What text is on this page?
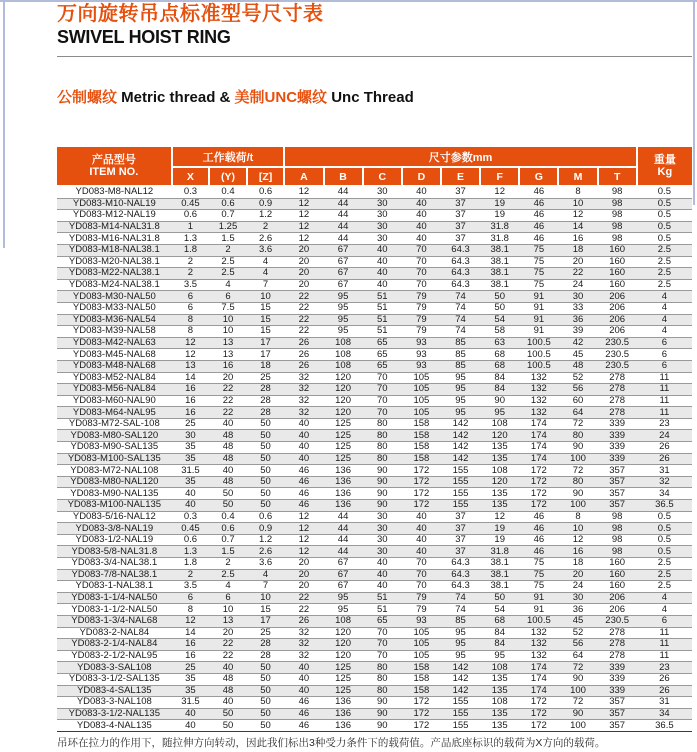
万向旋转吊点标准型号尺寸表
SWIVEL HOIST RING
公制螺纹 Metric thread & 美制UNC螺纹 Unc Thread
产品型号
ITEM NO.	工作载荷/t			尺寸参数mm									重量
Kg
	X	(Y)	[Z]	A	B	C	D	E	F	G	M	T	
YD083-M8-NAL12	0.3	0.4	0.6	12	44	30	40	37	12	46	8	98	0.5
YD083-M10-NAL19	0.45	0.6	0.9	12	44	30	40	37	19	46	10	98	0.5
YD083-M12-NAL19	0.6	0.7	1.2	12	44	30	40	37	19	46	12	98	0.5
YD083-M14-NAL31.8	1	1.25	2	12	44	30	40	37	31.8	46	14	98	0.5
YD083-M16-NAL31.8	1.3	1.5	2.6	12	44	30	40	37	31.8	46	16	98	0.5
YD083-M18-NAL38.1	1.8	2	3.6	20	67	40	70	64.3	38.1	75	18	160	2.5
YD083-M20-NAL38.1	2	2.5	4	20	67	40	70	64.3	38.1	75	20	160	2.5
YD083-M22-NAL38.1	2	2.5	4	20	67	40	70	64.3	38.1	75	22	160	2.5
YD083-M24-NAL38.1	3.5	4	7	20	67	40	70	64.3	38.1	75	24	160	2.5
YD083-M30-NAL50	6	6	10	22	95	51	79	74	50	91	30	206	4
YD083-M33-NAL50	6	7.5	15	22	95	51	79	74	50	91	33	206	4
YD083-M36-NAL54	8	10	15	22	95	51	79	74	54	91	36	206	4
YD083-M39-NAL58	8	10	15	22	95	51	79	74	58	91	39	206	4
YD083-M42-NAL63	12	13	17	26	108	65	93	85	63	100.5	42	230.5	6
YD083-M45-NAL68	12	13	17	26	108	65	93	85	68	100.5	45	230.5	6
YD083-M48-NAL68	13	16	18	26	108	65	93	85	68	100.5	48	230.5	6
YD083-M52-NAL84	14	20	25	32	120	70	105	95	84	132	52	278	11
YD083-M56-NAL84	16	22	28	32	120	70	105	95	84	132	56	278	11
YD083-M60-NAL90	16	22	28	32	120	70	105	95	90	132	60	278	11
YD083-M64-NAL95	16	22	28	32	120	70	105	95	95	132	64	278	11
YD083-M72-SAL-108	25	40	50	40	125	80	158	142	108	174	72	339	23
YD083-M80-SAL120	30	48	50	40	125	80	158	142	120	174	80	339	24
YD083-M90-SAL135	35	48	50	40	125	80	158	142	135	174	90	339	26
YD083-M100-SAL135	35	48	50	40	125	80	158	142	135	174	100	339	26
YD083-M72-NAL108	31.5	40	50	46	136	90	172	155	108	172	72	357	31
YD083-M80-NAL120	35	48	50	46	136	90	172	155	120	172	80	357	32
YD083-M90-NAL135	40	50	50	46	136	90	172	155	135	172	90	357	34
YD083-M100-NAL135	40	50	50	46	136	90	172	155	135	172	100	357	36.5
YD083-5/16-NAL12	0.3	0.4	0.6	12	44	30	40	37	12	46	8	98	0.5
YD083-3/8-NAL19	0.45	0.6	0.9	12	44	30	40	37	19	46	10	98	0.5
YD083-1/2-NAL19	0.6	0.7	1.2	12	44	30	40	37	19	46	12	98	0.5
YD083-5/8-NAL31.8	1.3	1.5	2.6	12	44	30	40	37	31.8	46	16	98	0.5
YD083-3/4-NAL38.1	1.8	2	3.6	20	67	40	70	64.3	38.1	75	18	160	2.5
YD083-7/8-NAL38.1	2	2.5	4	20	67	40	70	64.3	38.1	75	20	160	2.5
YD083-1-NAL38.1	3.5	4	7	20	67	40	70	64.3	38.1	75	24	160	2.5
YD083-1-1/4-NAL50	6	6	10	22	95	51	79	74	50	91	30	206	4
YD083-1-1/2-NAL50	8	10	15	22	95	51	79	74	54	91	36	206	4
YD083-1-3/4-NAL68	12	13	17	26	108	65	93	85	68	100.5	45	230.5	6
YD083-2-NAL84	14	20	25	32	120	70	105	95	84	132	52	278	11
YD083-2-1/4-NAL84	16	22	28	32	120	70	105	95	84	132	56	278	11
YD083-2-1/2-NAL95	16	22	28	32	120	70	105	95	95	132	64	278	11
YD083-3-SAL108	25	40	50	40	125	80	158	142	108	174	72	339	23
YD083-3-1/2-SAL135	35	48	50	40	125	80	158	142	135	174	90	339	26
YD083-4-SAL135	35	48	50	40	125	80	158	142	135	174	100	339	26
YD083-3-NAL108	31.5	40	50	46	136	90	172	155	108	172	72	357	31
YD083-3-1/2-NAL135	40	50	50	46	136	90	172	155	135	172	90	357	34
YD083-4-NAL135	40	50	50	46	136	90	172	155	135	172	100	357	36.5
吊环在拉力的作用下，随拉伸方向转动，因此我们标出3种受力条件下的载荷值。产品底座标识的载荷为X方向的载荷。
